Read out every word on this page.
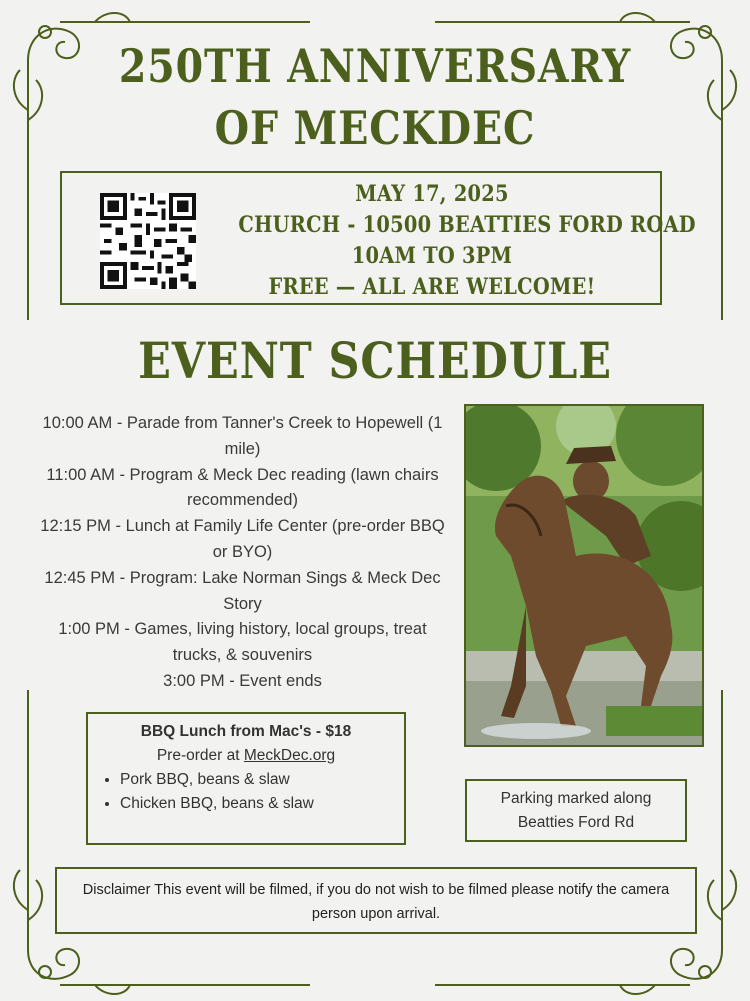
250TH ANNIVERSARY
OF MECKDEC
MAY 17, 2025
CHURCH - 10500 BEATTIES FORD ROAD
10AM TO 3PM
FREE — ALL ARE WELCOME!
EVENT SCHEDULE

10:00 AM - Parade from Tanner's Creek to Hopewell (1 mile)

11:00 AM - Program & Meck Dec reading (lawn chairs recommended)

12:15 PM - Lunch at Family Life Center (pre-order BBQ or BYO)

12:45 PM - Program: Lake Norman Sings & Meck Dec Story

1:00 PM - Games, living history, local groups, treat trucks, & souvenirs

3:00 PM - Event ends

BBQ Lunch from Mac's - $18
Pre-order at MeckDec.org
• Pork BBQ, beans & slaw
• Chicken BBQ, beans & slaw	Parking marked along
Beatties Ford Rd
Disclaimer This event will be filmed, if you do not wish to be filmed please notify the camera person upon arrival.
